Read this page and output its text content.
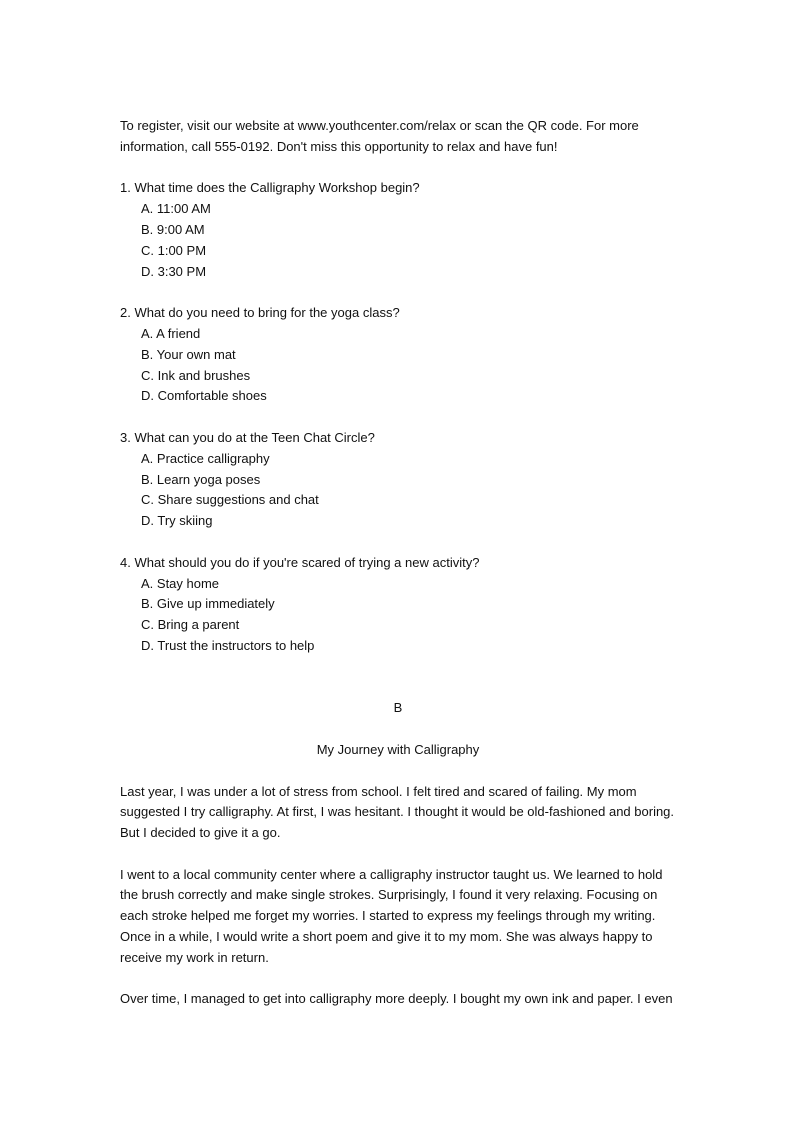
To register, visit our website at www.youthcenter.com/relax or scan the QR code. For more information, call 555-0192. Don't miss this opportunity to relax and have fun!

1. What time does the Calligraphy Workshop begin?
A. 11:00 AM
B. 9:00 AM
C. 1:00 PM
D. 3:30 PM
2. What do you need to bring for the yoga class?
A. A friend
B. Your own mat
C. Ink and brushes
D. Comfortable shoes
3. What can you do at the Teen Chat Circle?
A. Practice calligraphy
B. Learn yoga poses
C. Share suggestions and chat
D. Try skiing
4. What should you do if you're scared of trying a new activity?
A. Stay home
B. Give up immediately
C. Bring a parent
D. Trust the instructors to help
B
My Journey with Calligraphy

Last year, I was under a lot of stress from school. I felt tired and scared of failing. My mom suggested I try calligraphy. At first, I was hesitant. I thought it would be old-fashioned and boring. But I decided to give it a go.

I went to a local community center where a calligraphy instructor taught us. We learned to hold the brush correctly and make single strokes. Surprisingly, I found it very relaxing. Focusing on each stroke helped me forget my worries. I started to express my feelings through my writing. Once in a while, I would write a short poem and give it to my mom. She was always happy to receive my work in return.

Over time, I managed to get into calligraphy more deeply. I bought my own ink and paper. I even
